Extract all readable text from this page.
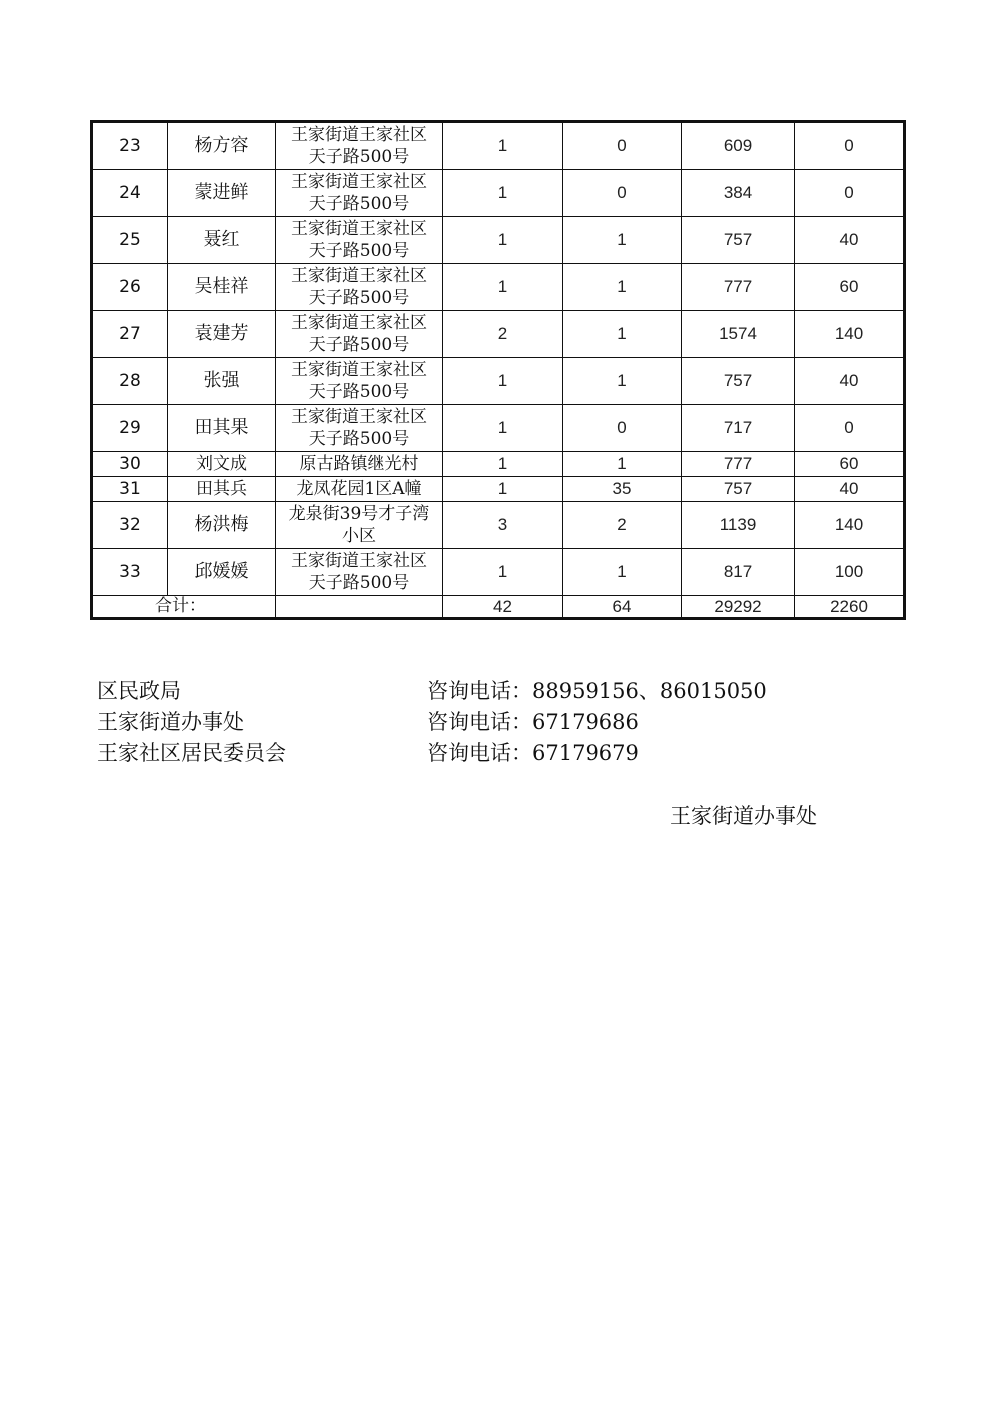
23	杨方容	王家街道王家社区
天子路500号	1	0	609	0
24	蒙进鲜	王家街道王家社区
天子路500号	1	0	384	0
25	聂红	王家街道王家社区
天子路500号	1	1	757	40
26	吴桂祥	王家街道王家社区
天子路500号	1	1	777	60
27	袁建芳	王家街道王家社区
天子路500号	2	1	1574	140
28	张强	王家街道王家社区
天子路500号	1	1	757	40
29	田其果	王家街道王家社区
天子路500号	1	0	717	0
30	刘文成	原古路镇继光村	1	1	777	60
31	田其兵	龙凤花园1区A幢	1	35	757	40
32	杨洪梅	龙泉街39号才子湾
小区	3	2	1139	140
33	邱媛媛	王家街道王家社区
天子路500号	1	1	817	100
合计：			42	64	29292	2260
区民政局	咨询电话：88959156、86015050
王家街道办事处	咨询电话：67179686
王家社区居民委员会	咨询电话：67179679
王家街道办事处
